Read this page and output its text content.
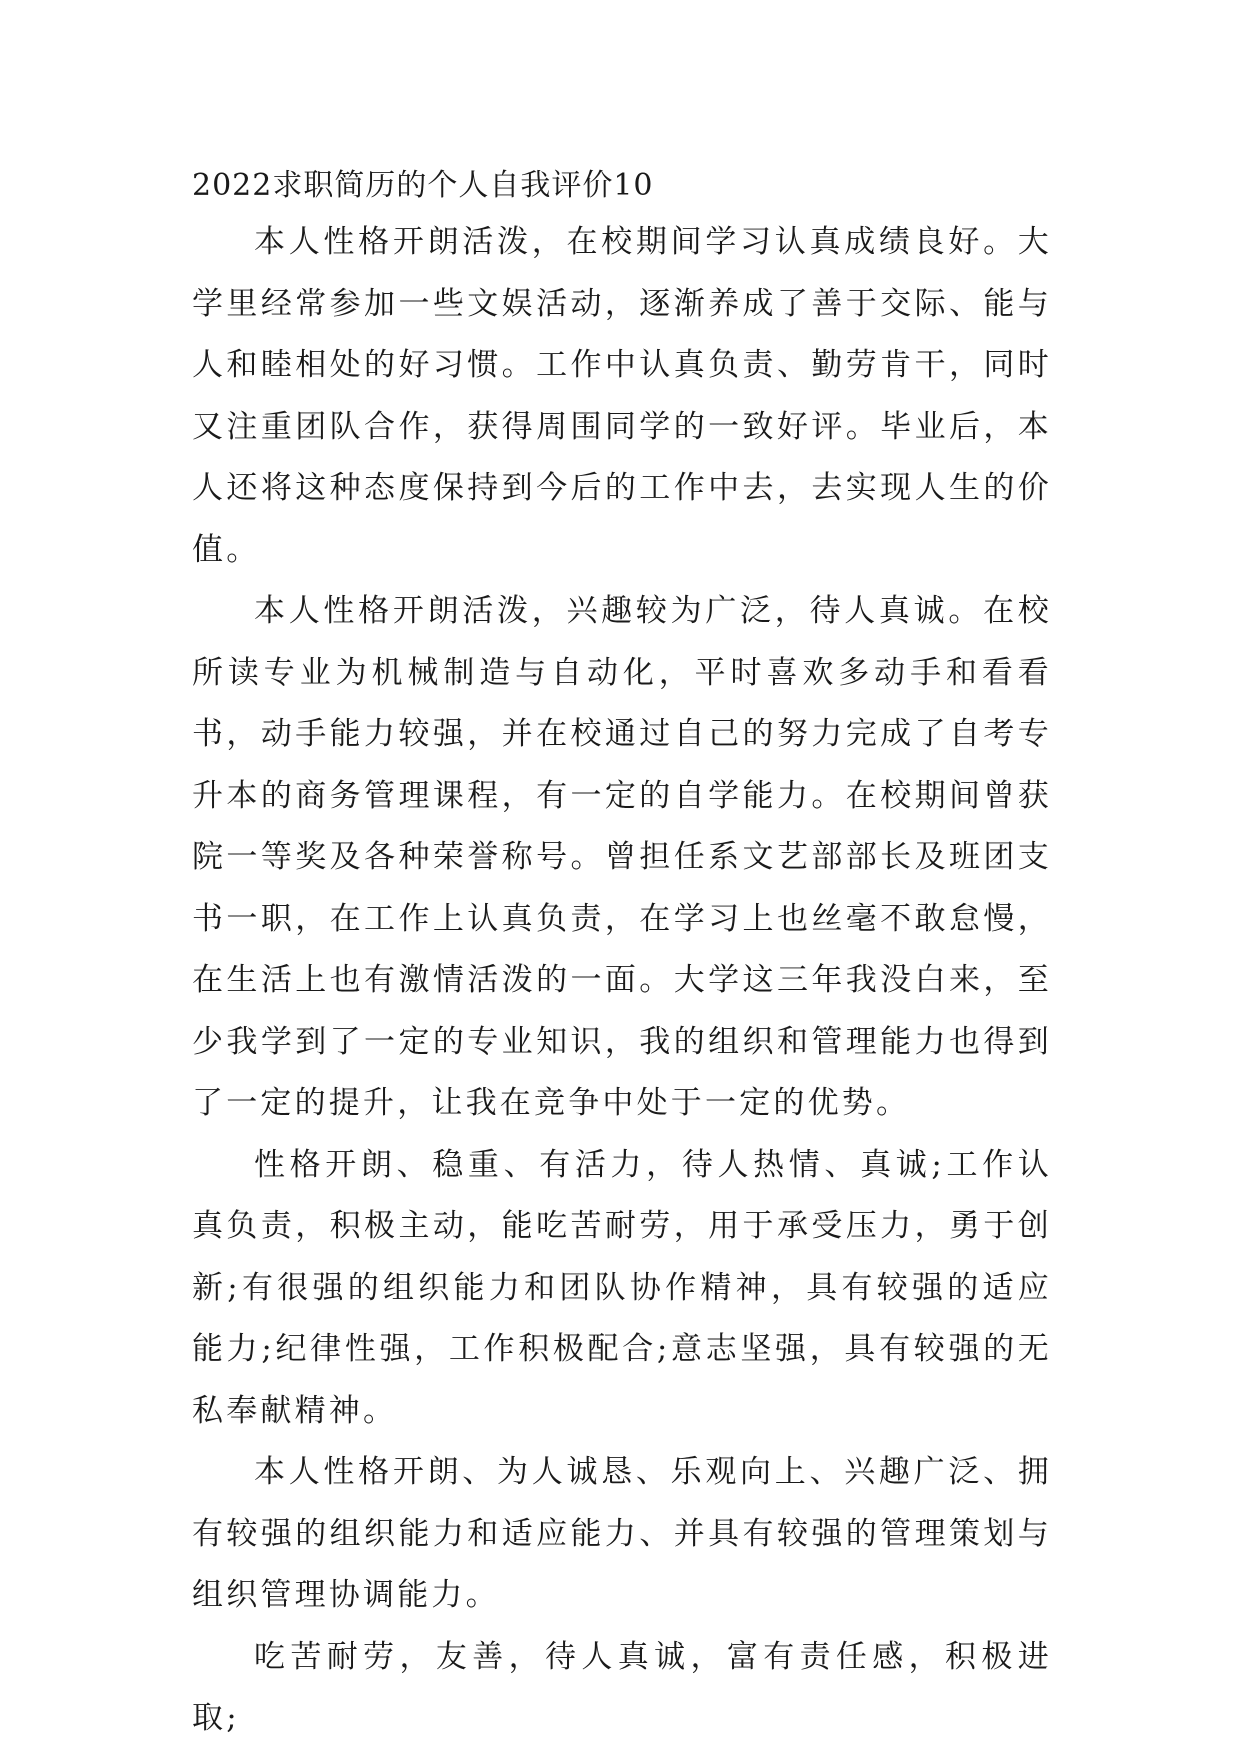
2022求职简历的个人自我评价10

本人性格开朗活泼，在校期间学习认真成绩良好。大学里经常参加一些文娱活动，逐渐养成了善于交际、能与人和睦相处的好习惯。工作中认真负责、勤劳肯干，同时又注重团队合作，获得周围同学的一致好评。毕业后，本人还将这种态度保持到今后的工作中去，去实现人生的价值。

本人性格开朗活泼，兴趣较为广泛，待人真诚。在校所读专业为机械制造与自动化，平时喜欢多动手和看看书，动手能力较强，并在校通过自己的努力完成了自考专升本的商务管理课程，有一定的自学能力。在校期间曾获院一等奖及各种荣誉称号。曾担任系文艺部部长及班团支书一职，在工作上认真负责，在学习上也丝毫不敢怠慢，在生活上也有激情活泼的一面。大学这三年我没白来，至少我学到了一定的专业知识，我的组织和管理能力也得到了一定的提升，让我在竞争中处于一定的优势。

性格开朗、稳重、有活力，待人热情、真诚;工作认真负责，积极主动，能吃苦耐劳，用于承受压力，勇于创新;有很强的组织能力和团队协作精神，具有较强的适应能力;纪律性强，工作积极配合;意志坚强，具有较强的无私奉献精神。

本人性格开朗、为人诚恳、乐观向上、兴趣广泛、拥有较强的组织能力和适应能力、并具有较强的管理策划与组织管理协调能力。

吃苦耐劳，友善，待人真诚，富有责任感，积极进取;
